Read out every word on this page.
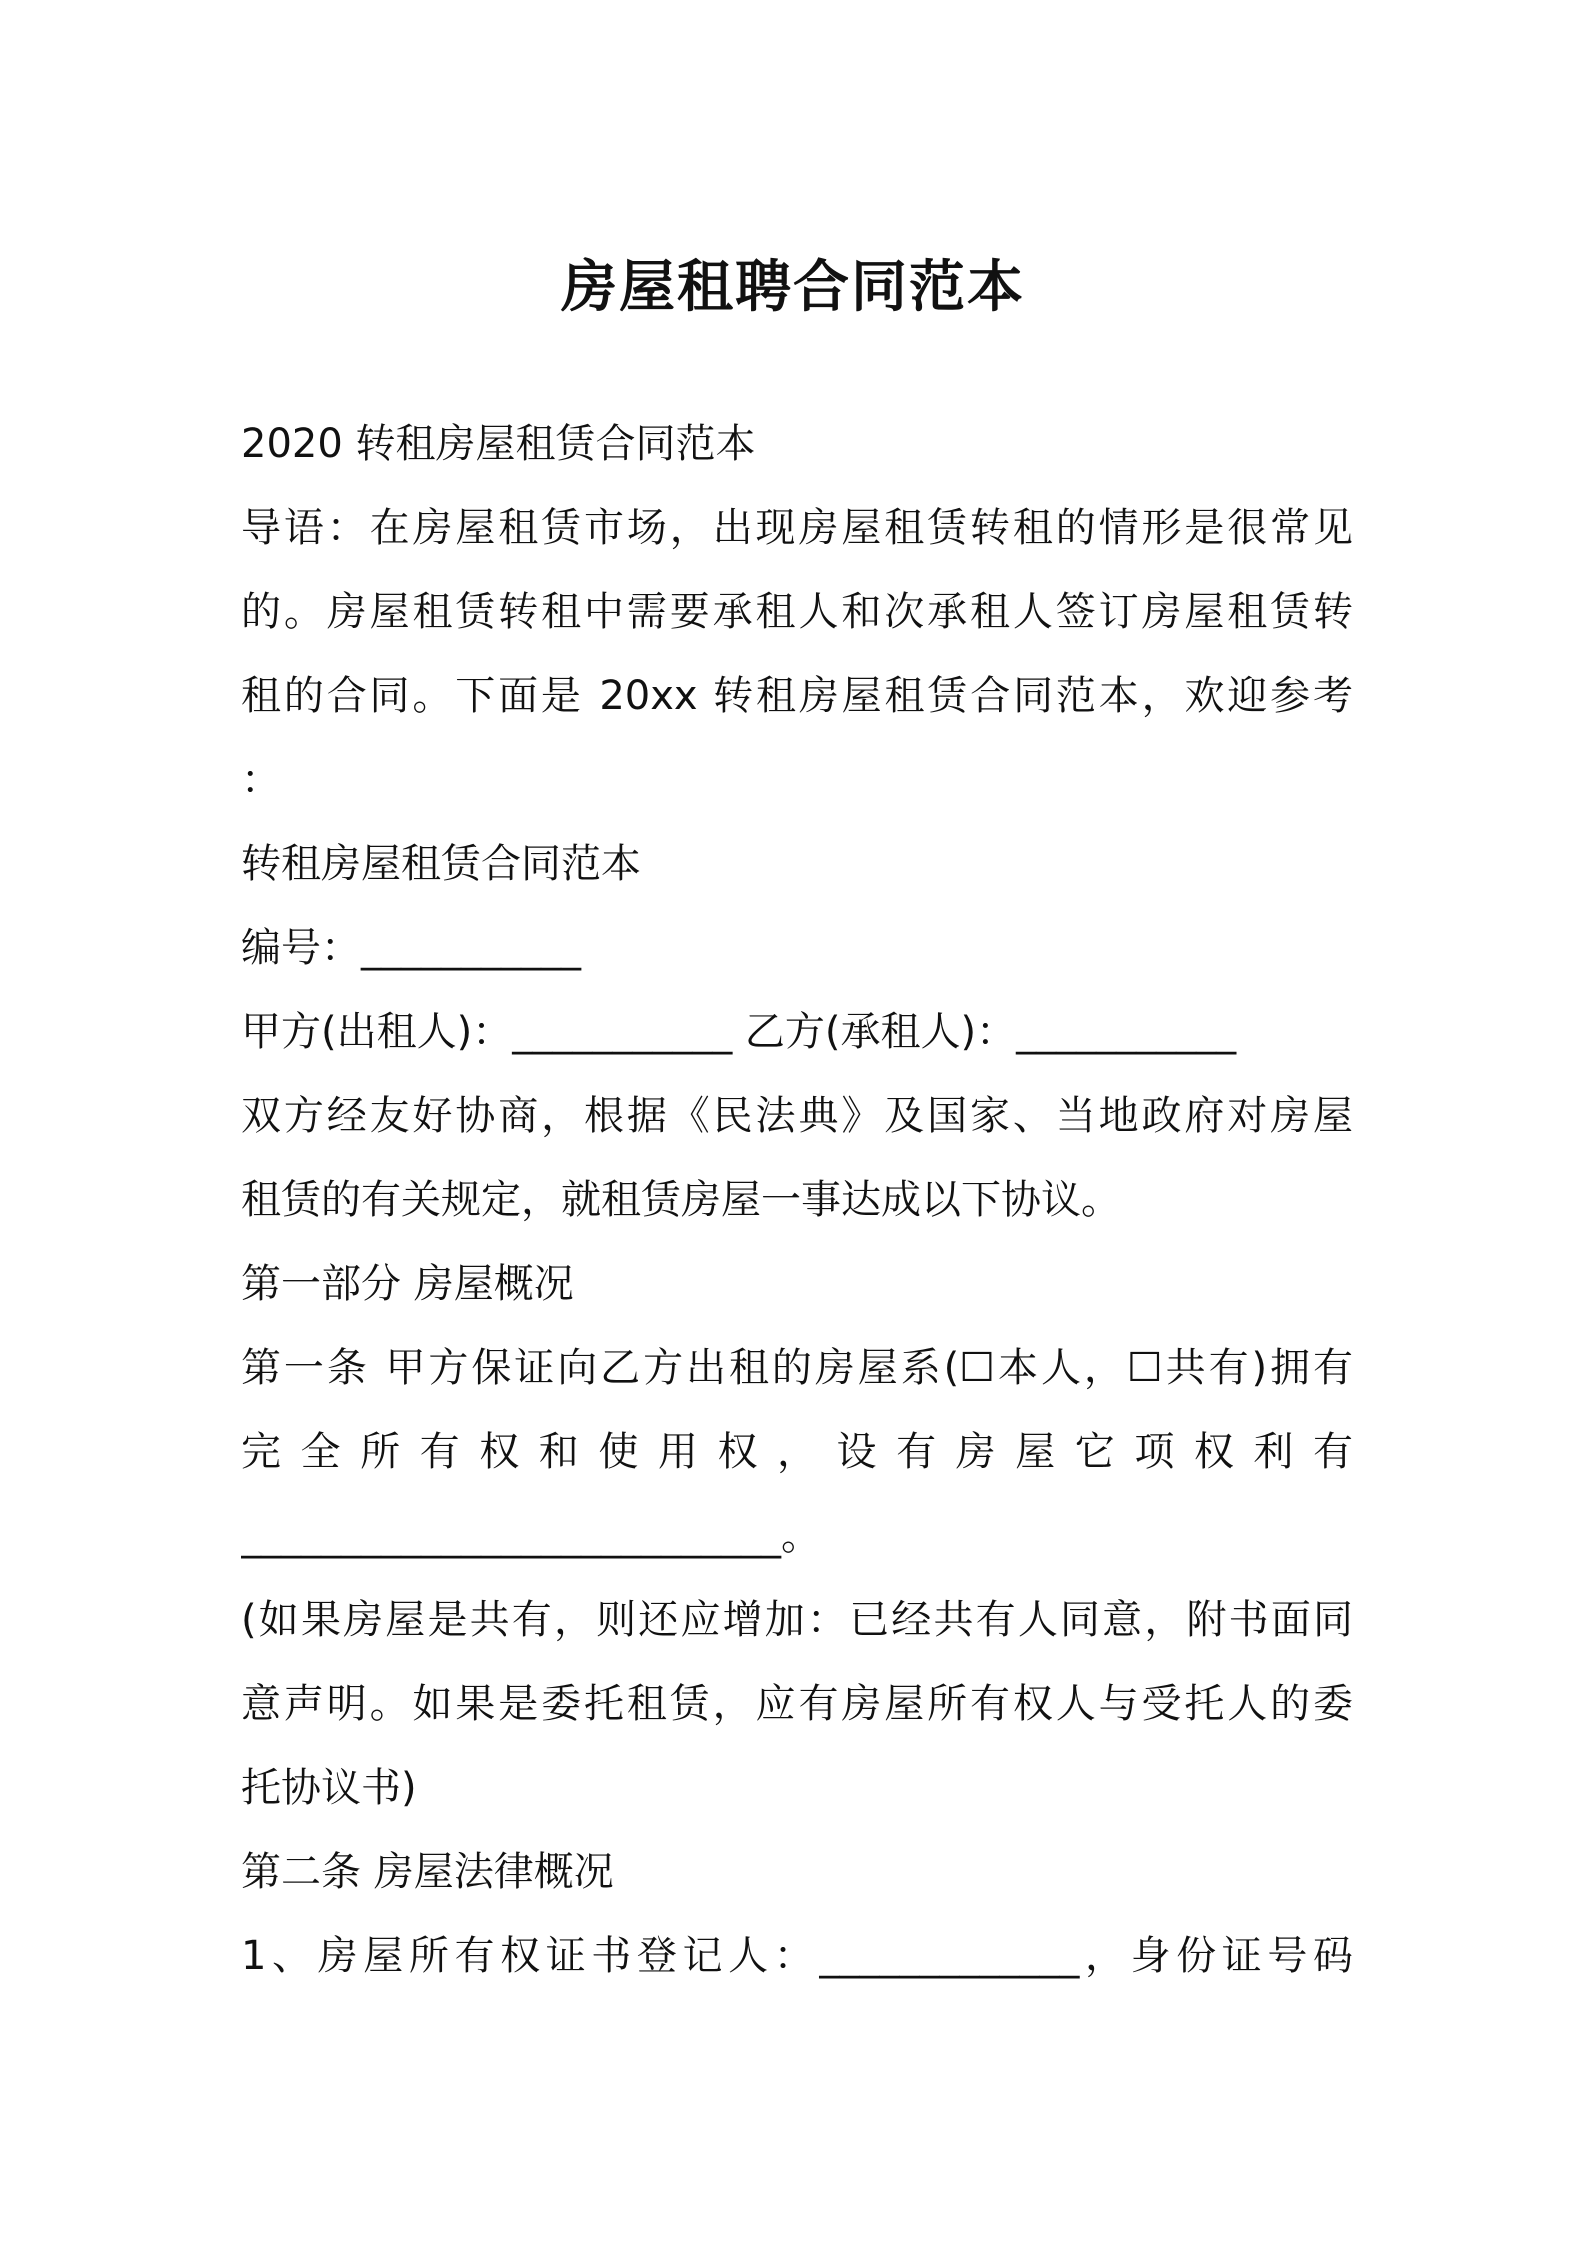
房屋租聘合同范本
2020 转租房屋租赁合同范本
导语：在房屋租赁市场，出现房屋租赁转租的情形是很常见
的。房屋租赁转租中需要承租人和次承租人签订房屋租赁转
租的合同。下面是 20xx 转租房屋租赁合同范本，欢迎参考
：
转租房屋租赁合同范本
编号：___________
甲方(出租人)：___________ 乙方(承租人)：___________
双方经友好协商，根据《民法典》及国家、当地政府对房屋
租赁的有关规定，就租赁房屋一事达成以下协议。
第一部分 房屋概况
第一条 甲方保证向乙方出租的房屋系(☐本人，☐共有)拥有
完 全 所 有 权 和 使 用 权 ， 设 有 房 屋 它 项 权 利 有
___________________________。
(如果房屋是共有，则还应增加：已经共有人同意，附书面同
意声明。如果是委托租赁，应有房屋所有权人与受托人的委
托协议书)
第二条 房屋法律概况
1、房屋所有权证书登记人：_____________，身份证号码
